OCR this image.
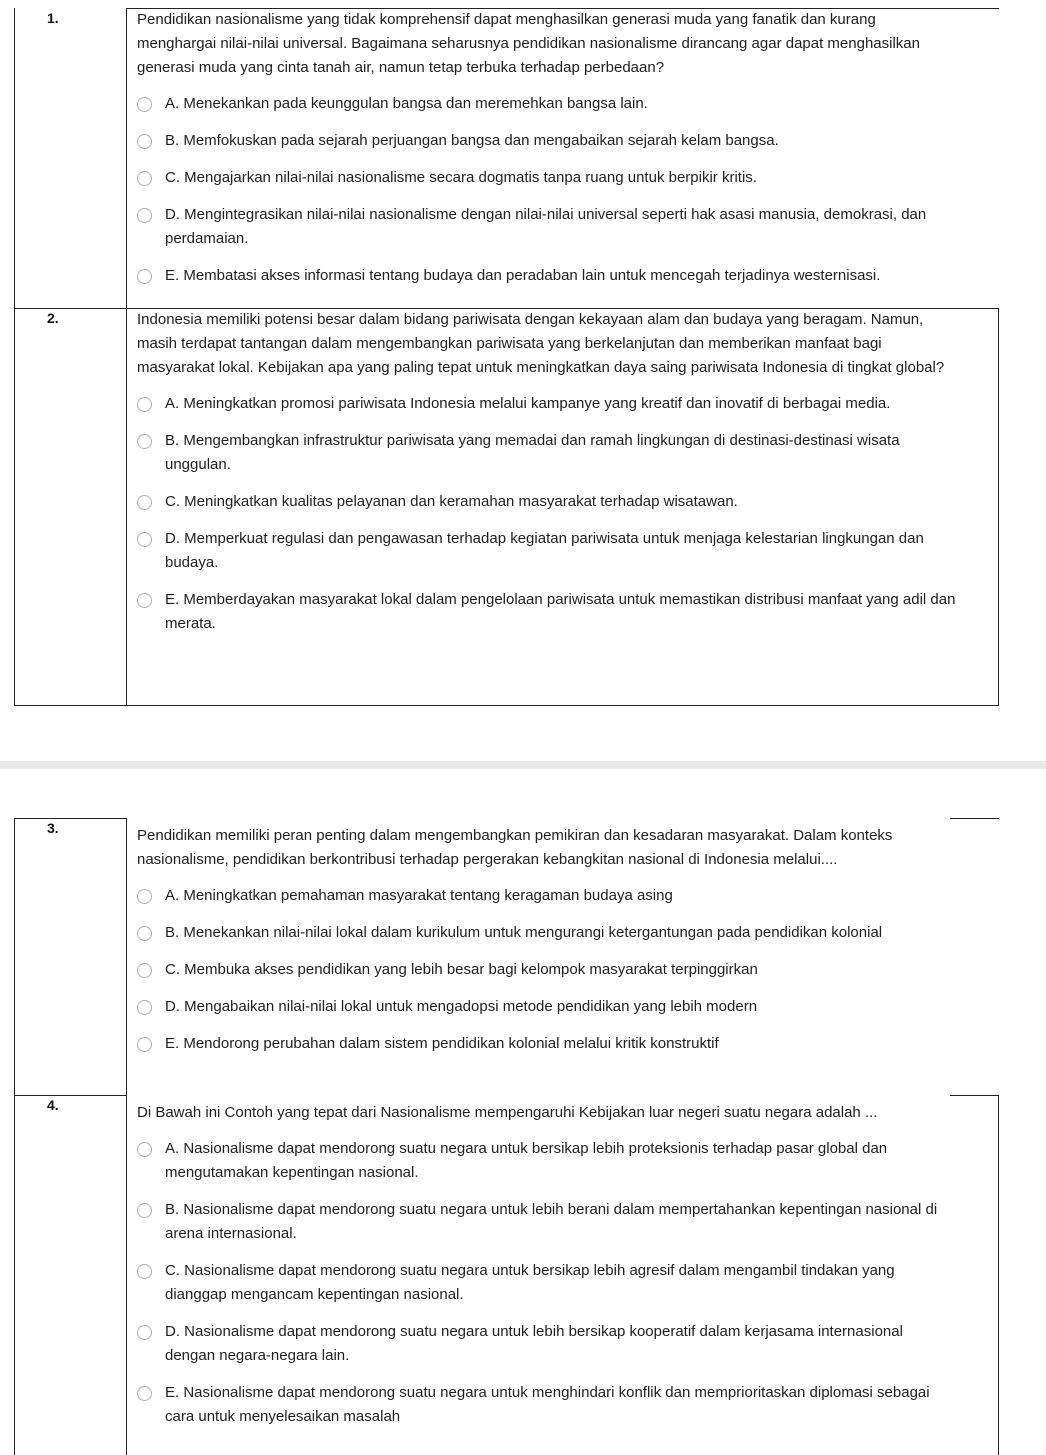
1.	Pendidikan nasionalisme yang tidak komprehensif dapat menghasilkan generasi muda yang fanatik dan kurang menghargai nilai-nilai universal. Bagaimana seharusnya pendidikan nasionalisme dirancang agar dapat menghasilkan generasi muda yang cinta tanah air, namun tetap terbuka terhadap perbedaan?

A. Menekankan pada keunggulan bangsa dan meremehkan bangsa lain.
B. Memfokuskan pada sejarah perjuangan bangsa dan mengabaikan sejarah kelam bangsa.
C. Mengajarkan nilai-nilai nasionalisme secara dogmatis tanpa ruang untuk berpikir kritis.
D. Mengintegrasikan nilai-nilai nasionalisme dengan nilai-nilai universal seperti hak asasi manusia, demokrasi, dan perdamaian.
E. Membatasi akses informasi tentang budaya dan peradaban lain untuk mencegah terjadinya westernisasi.
2.	Indonesia memiliki potensi besar dalam bidang pariwisata dengan kekayaan alam dan budaya yang beragam. Namun, masih terdapat tantangan dalam mengembangkan pariwisata yang berkelanjutan dan memberikan manfaat bagi masyarakat lokal. Kebijakan apa yang paling tepat untuk meningkatkan daya saing pariwisata Indonesia di tingkat global?

A. Meningkatkan promosi pariwisata Indonesia melalui kampanye yang kreatif dan inovatif di berbagai media.
B. Mengembangkan infrastruktur pariwisata yang memadai dan ramah lingkungan di destinasi-destinasi wisata unggulan.
C. Meningkatkan kualitas pelayanan dan keramahan masyarakat terhadap wisatawan.
D. Memperkuat regulasi dan pengawasan terhadap kegiatan pariwisata untuk menjaga kelestarian lingkungan dan budaya.
E. Memberdayakan masyarakat lokal dalam pengelolaan pariwisata untuk memastikan distribusi manfaat yang adil dan merata.
3.	Pendidikan memiliki peran penting dalam mengembangkan pemikiran dan kesadaran masyarakat. Dalam konteks nasionalisme, pendidikan berkontribusi terhadap pergerakan kebangkitan nasional di Indonesia melalui....

A. Meningkatkan pemahaman masyarakat tentang keragaman budaya asing
B. Menekankan nilai-nilai lokal dalam kurikulum untuk mengurangi ketergantungan pada pendidikan kolonial
C. Membuka akses pendidikan yang lebih besar bagi kelompok masyarakat terpinggirkan
D. Mengabaikan nilai-nilai lokal untuk mengadopsi metode pendidikan yang lebih modern
E. Mendorong perubahan dalam sistem pendidikan kolonial melalui kritik konstruktif
4.	Di Bawah ini Contoh yang tepat dari Nasionalisme mempengaruhi Kebijakan luar negeri suatu negara adalah ...

A. Nasionalisme dapat mendorong suatu negara untuk bersikap lebih proteksionis terhadap pasar global dan mengutamakan kepentingan nasional.
B. Nasionalisme dapat mendorong suatu negara untuk lebih berani dalam mempertahankan kepentingan nasional di arena internasional.
C. Nasionalisme dapat mendorong suatu negara untuk bersikap lebih agresif dalam mengambil tindakan yang dianggap mengancam kepentingan nasional.
D. Nasionalisme dapat mendorong suatu negara untuk lebih bersikap kooperatif dalam kerjasama internasional dengan negara-negara lain.
E. Nasionalisme dapat mendorong suatu negara untuk menghindari konflik dan memprioritaskan diplomasi sebagai cara untuk menyelesaikan masalah
